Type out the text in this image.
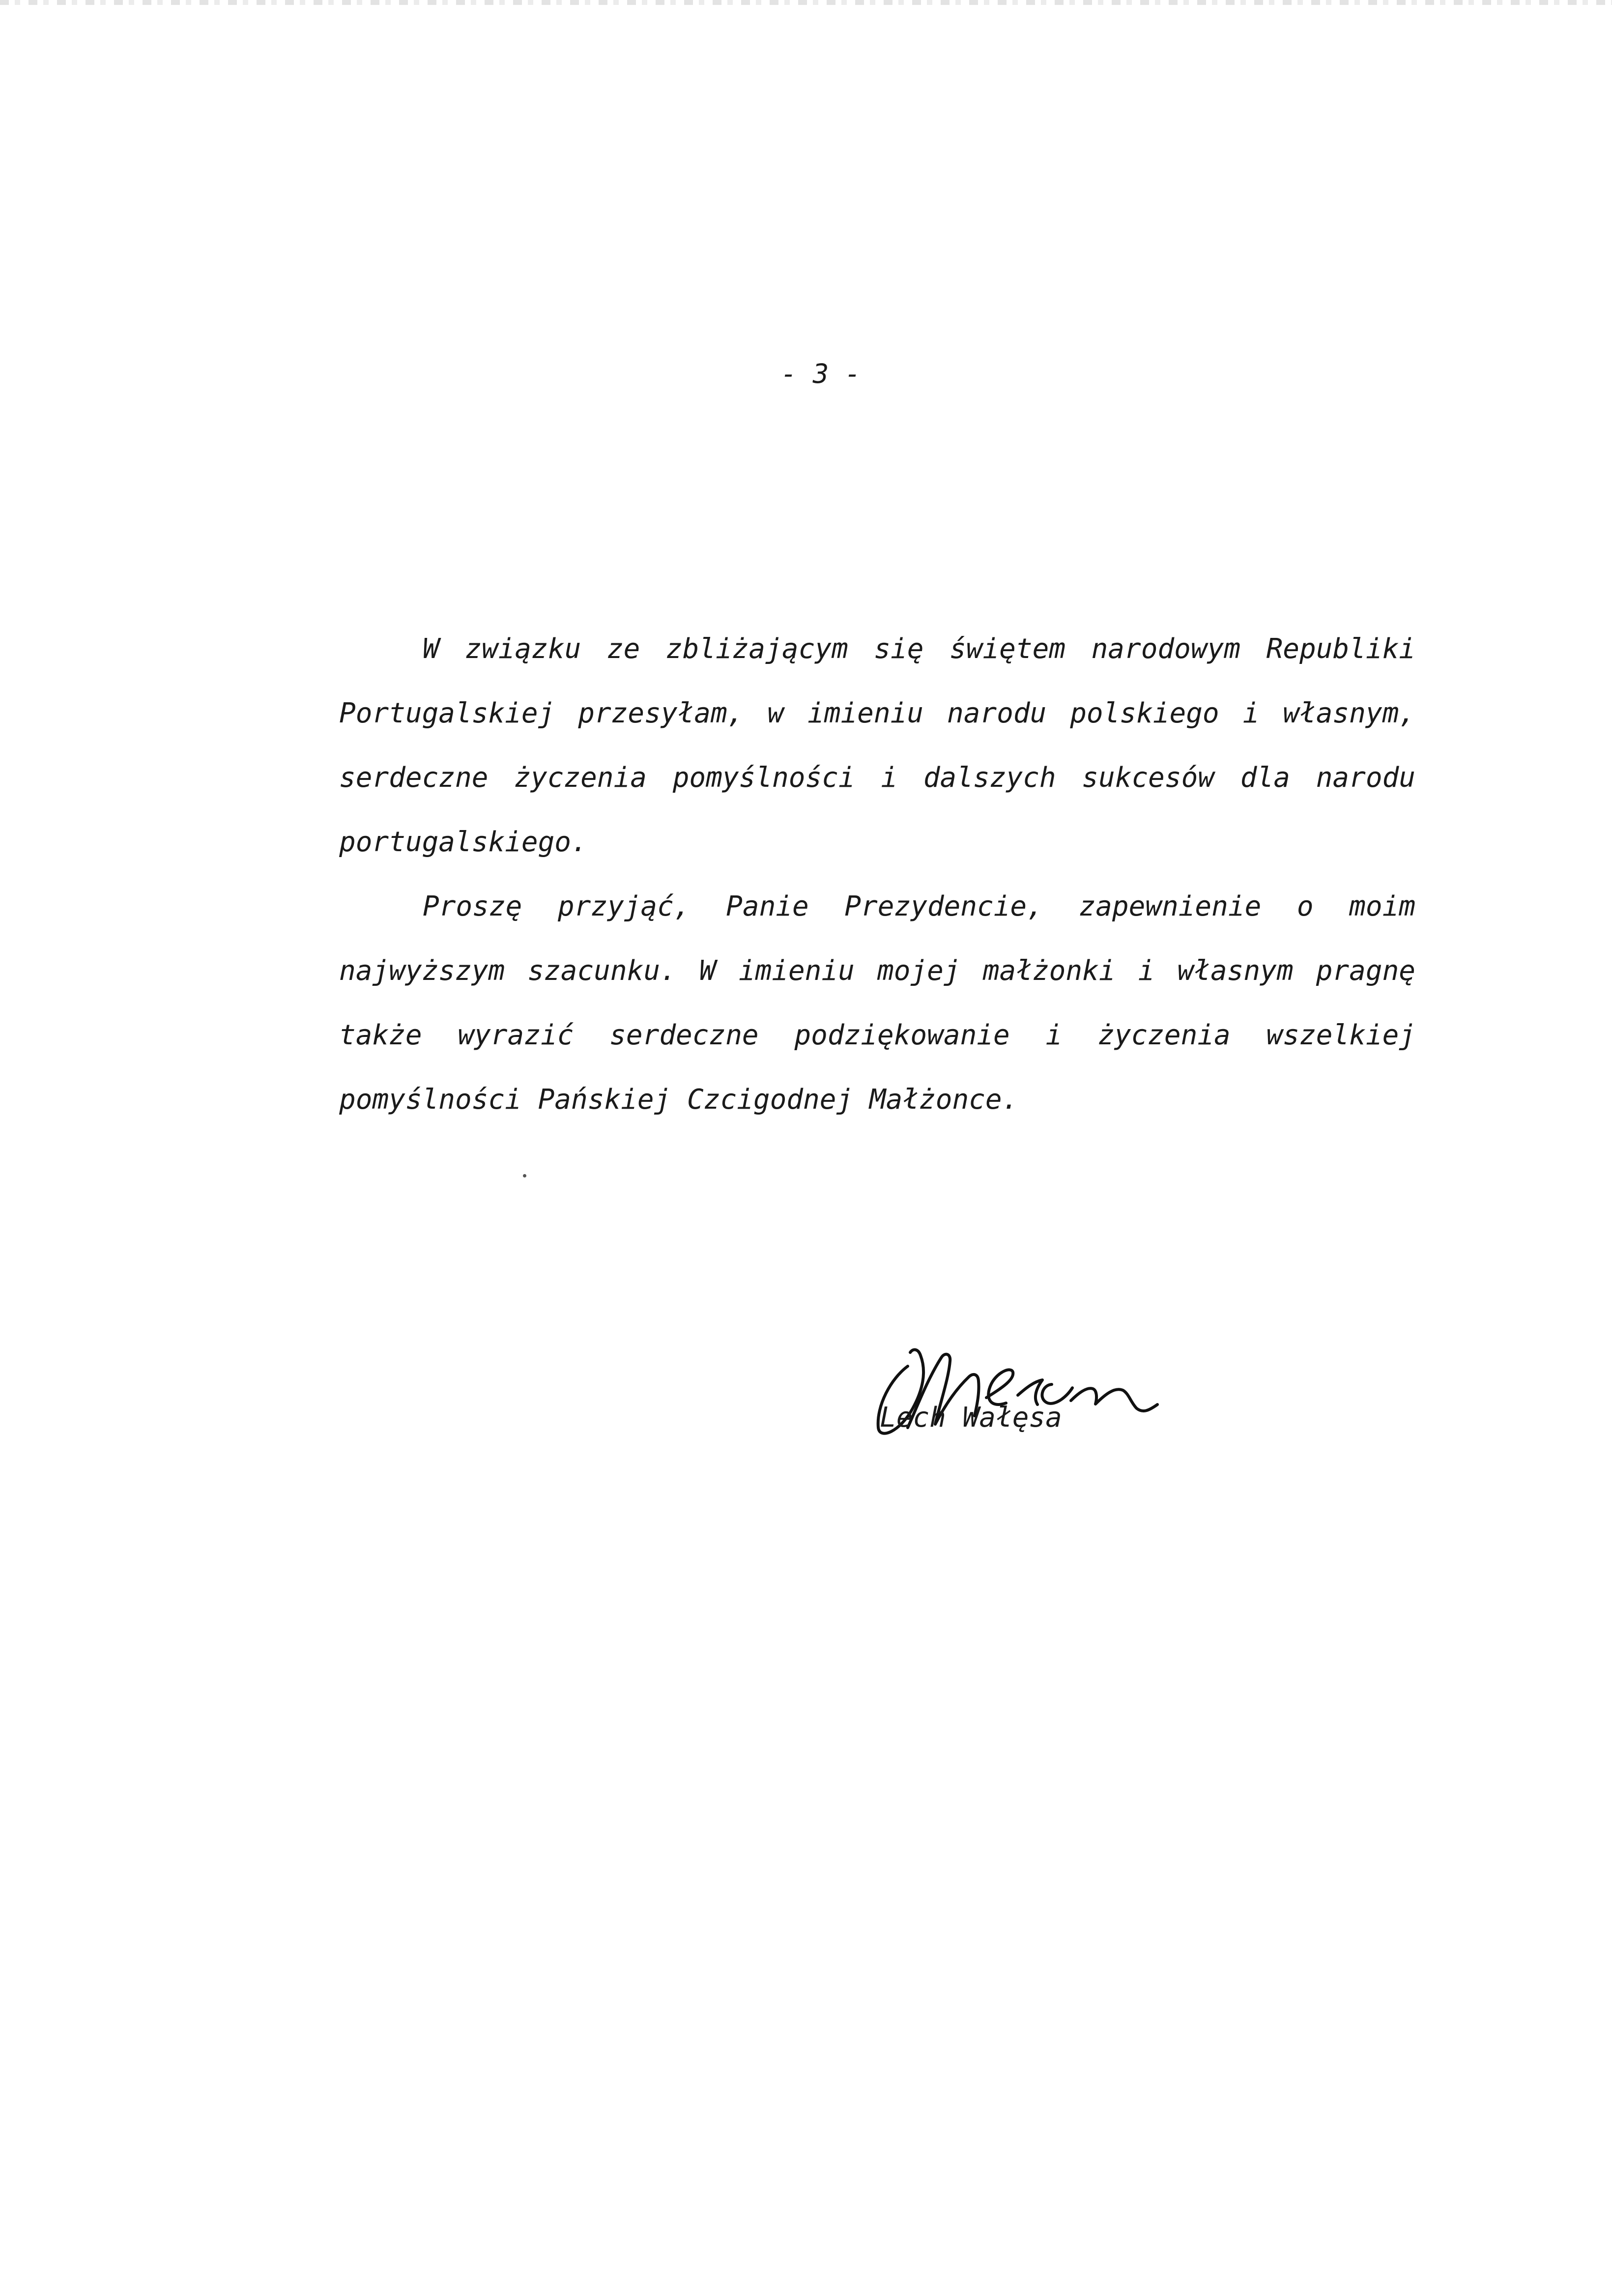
- 3 -
W związku ze zbliżającym się świętem narodowym Republiki
Portugalskiej przesyłam, w imieniu narodu polskiego i własnym,
serdeczne życzenia pomyślności i dalszych sukcesów dla narodu
portugalskiego.
Proszę przyjąć, Panie Prezydencie, zapewnienie o moim
najwyższym szacunku. W imieniu mojej małżonki i własnym pragnę
także wyrazić serdeczne podziękowanie i życzenia wszelkiej
pomyślności Pańskiej Czcigodnej Małżonce.
Lech Wałęsa
